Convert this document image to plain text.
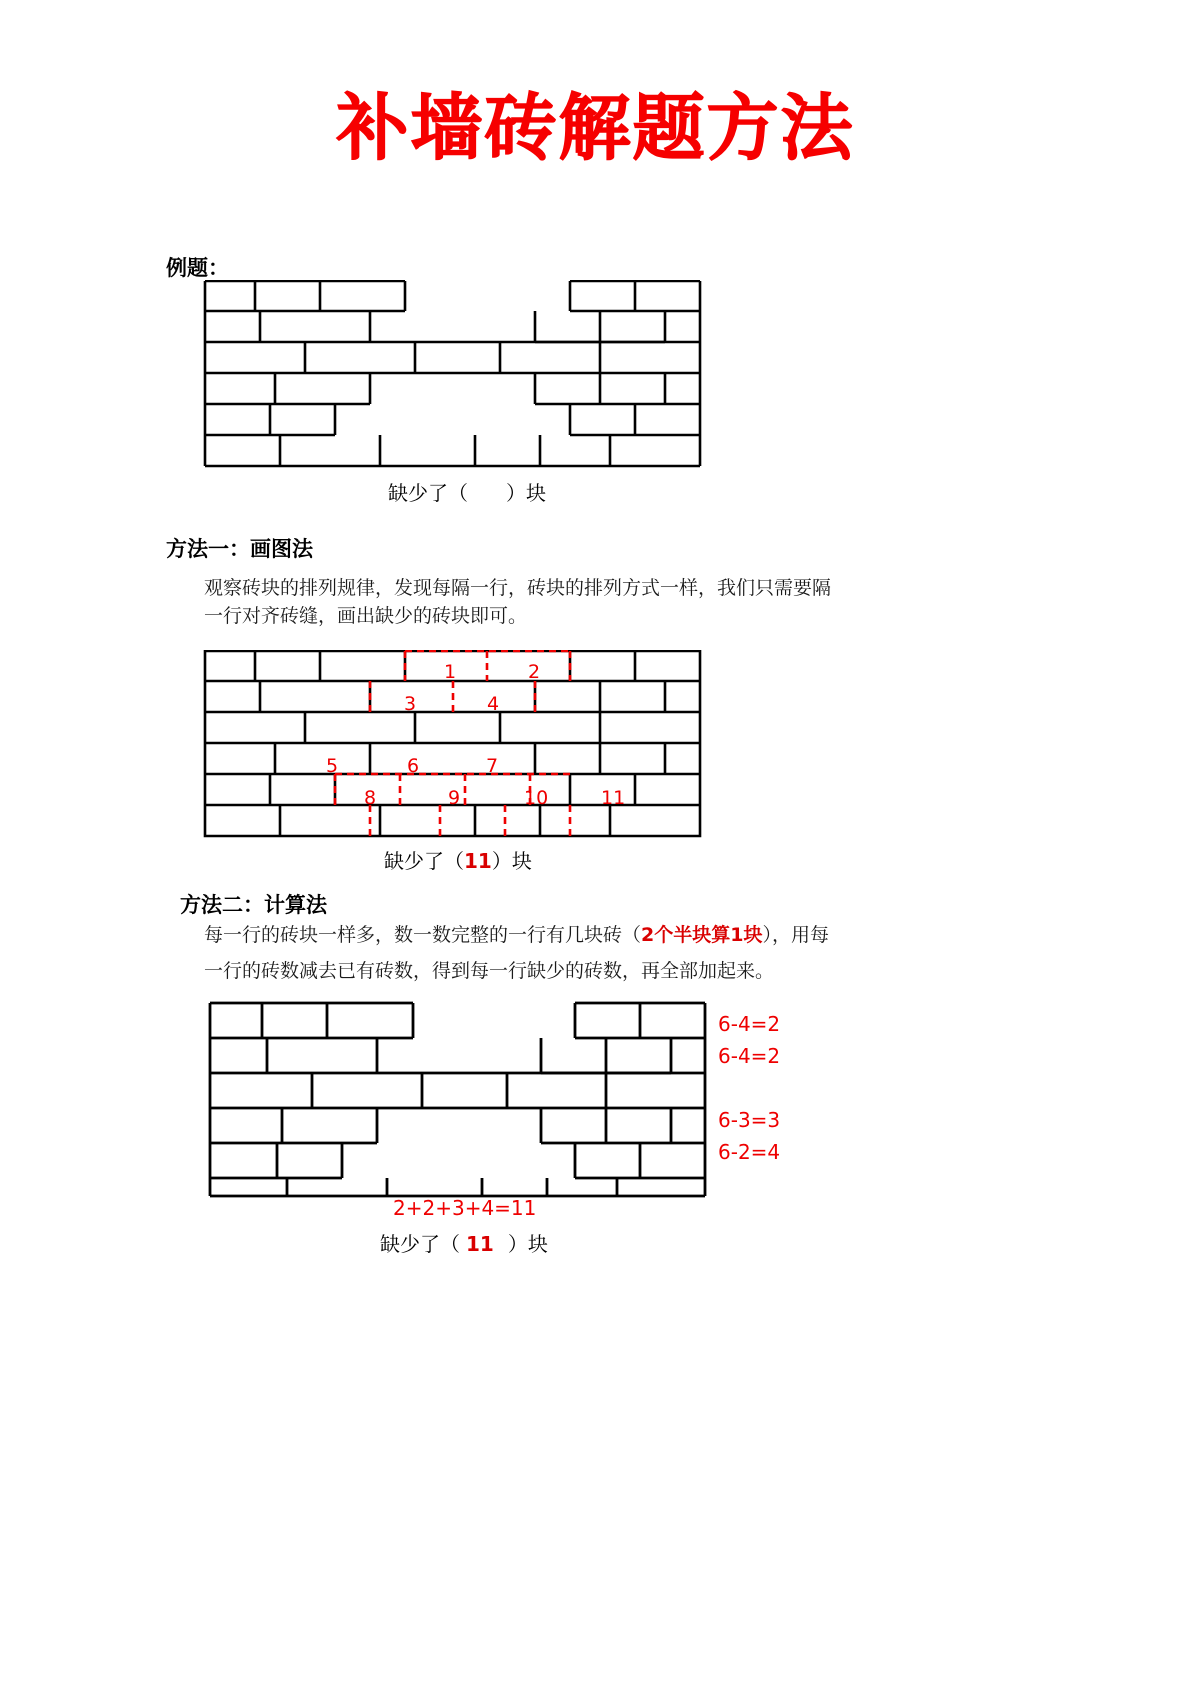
补墙砖解题方法
例题：
缺少了（ ）块
方法一：画图法
观察砖块的排列规律，发现每隔一行，砖块的排列方式一样，我们只需要隔
一行对齐砖缝，画出缺少的砖块即可。
1	2
3	4
5	6	7
8	9	10	11
缺少了（11）块
方法二：计算法
每一行的砖块一样多，数一数完整的一行有几块砖（2个半块算1块），用每
一行的砖数减去已有砖数，得到每一行缺少的砖数，再全部加起来。
6-4=2
6-4=2
6-3=3
6-2=4
2+2+3+4=11
缺少了（ 11 ）块
